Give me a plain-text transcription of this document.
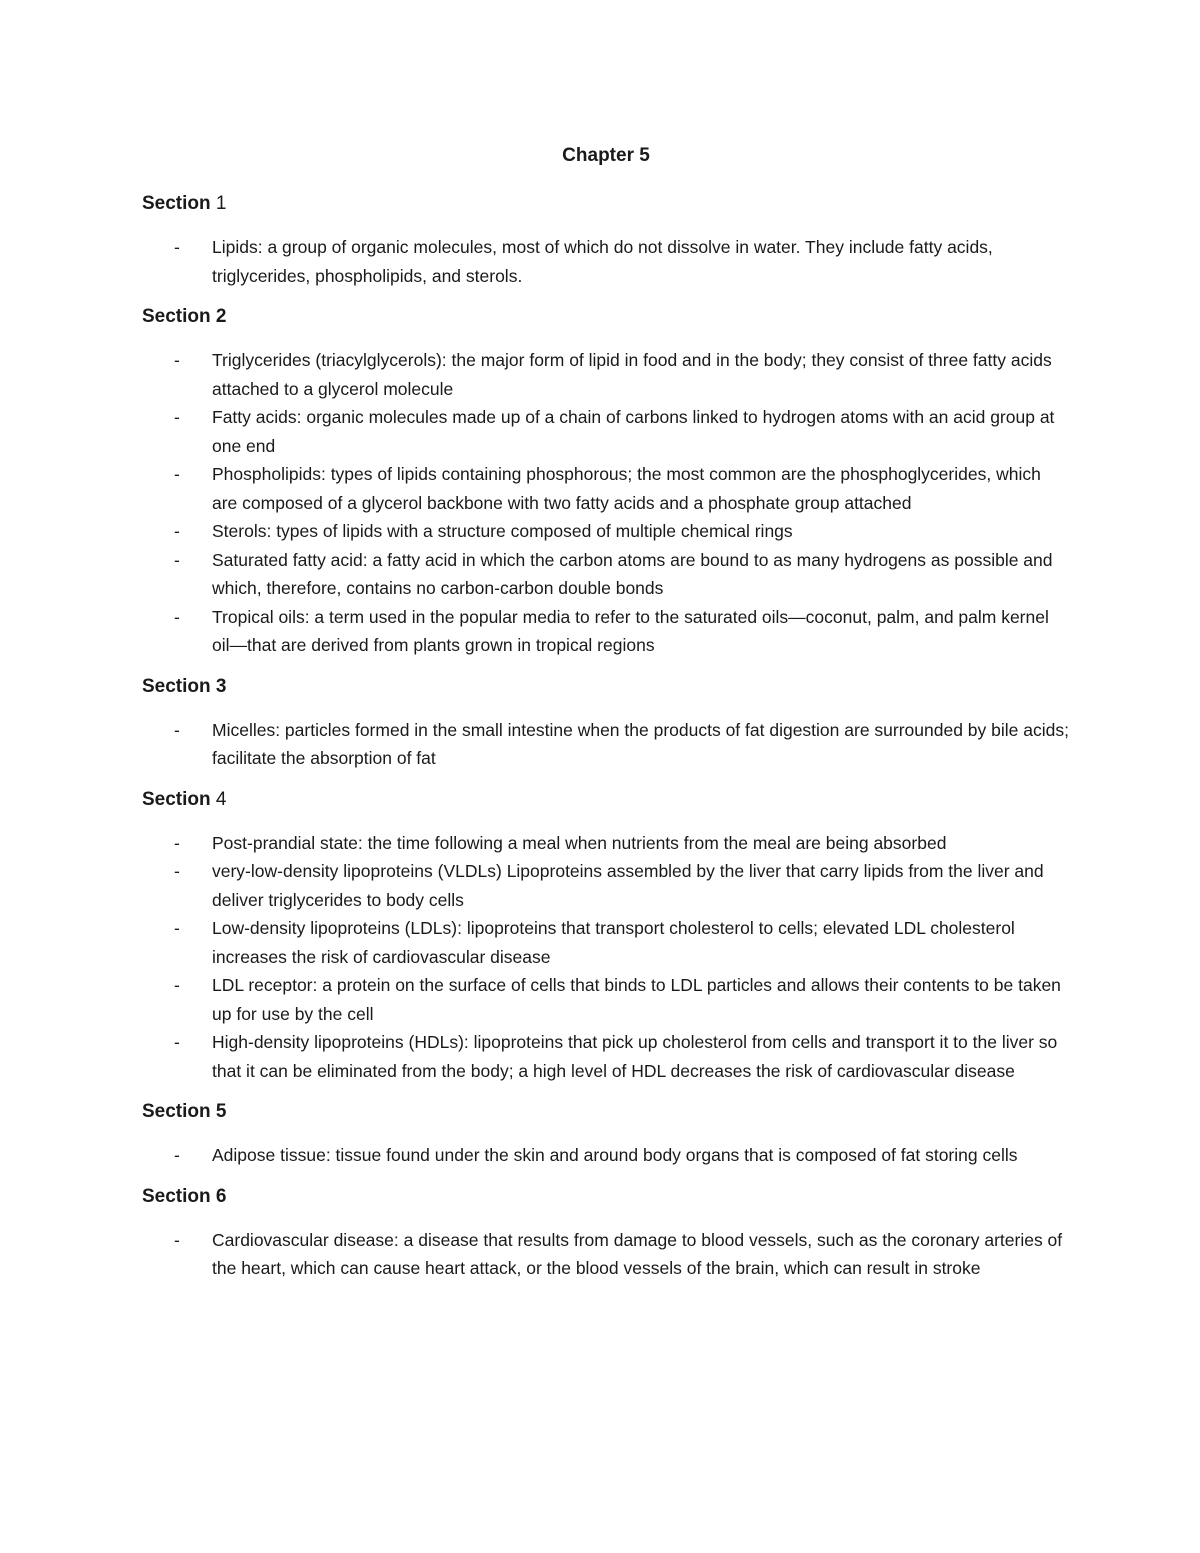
Chapter 5
Section 1
- Lipids: a group of organic molecules, most of which do not dissolve in water. They include fatty acids, triglycerides, phospholipids, and sterols.
Section 2
- Triglycerides (triacylglycerols): the major form of lipid in food and in the body; they consist of three fatty acids attached to a glycerol molecule
- Fatty acids: organic molecules made up of a chain of carbons linked to hydrogen atoms with an acid group at one end
- Phospholipids: types of lipids containing phosphorous; the most common are the phosphoglycerides, which are composed of a glycerol backbone with two fatty acids and a phosphate group attached
- Sterols: types of lipids with a structure composed of multiple chemical rings
- Saturated fatty acid: a fatty acid in which the carbon atoms are bound to as many hydrogens as possible and which, therefore, contains no carbon-carbon double bonds
- Tropical oils: a term used in the popular media to refer to the saturated oils—coconut, palm, and palm kernel oil—that are derived from plants grown in tropical regions
Section 3
- Micelles: particles formed in the small intestine when the products of fat digestion are surrounded by bile acids; facilitate the absorption of fat
Section 4
- Post-prandial state: the time following a meal when nutrients from the meal are being absorbed
- very-low-density lipoproteins (VLDLs) Lipoproteins assembled by the liver that carry lipids from the liver and deliver triglycerides to body cells
- Low-density lipoproteins (LDLs): lipoproteins that transport cholesterol to cells; elevated LDL cholesterol increases the risk of cardiovascular disease
- LDL receptor: a protein on the surface of cells that binds to LDL particles and allows their contents to be taken up for use by the cell
- High-density lipoproteins (HDLs): lipoproteins that pick up cholesterol from cells and transport it to the liver so that it can be eliminated from the body; a high level of HDL decreases the risk of cardiovascular disease
Section 5
- Adipose tissue: tissue found under the skin and around body organs that is composed of fat storing cells
Section 6
- Cardiovascular disease: a disease that results from damage to blood vessels, such as the coronary arteries of the heart, which can cause heart attack, or the blood vessels of the brain, which can result in stroke
